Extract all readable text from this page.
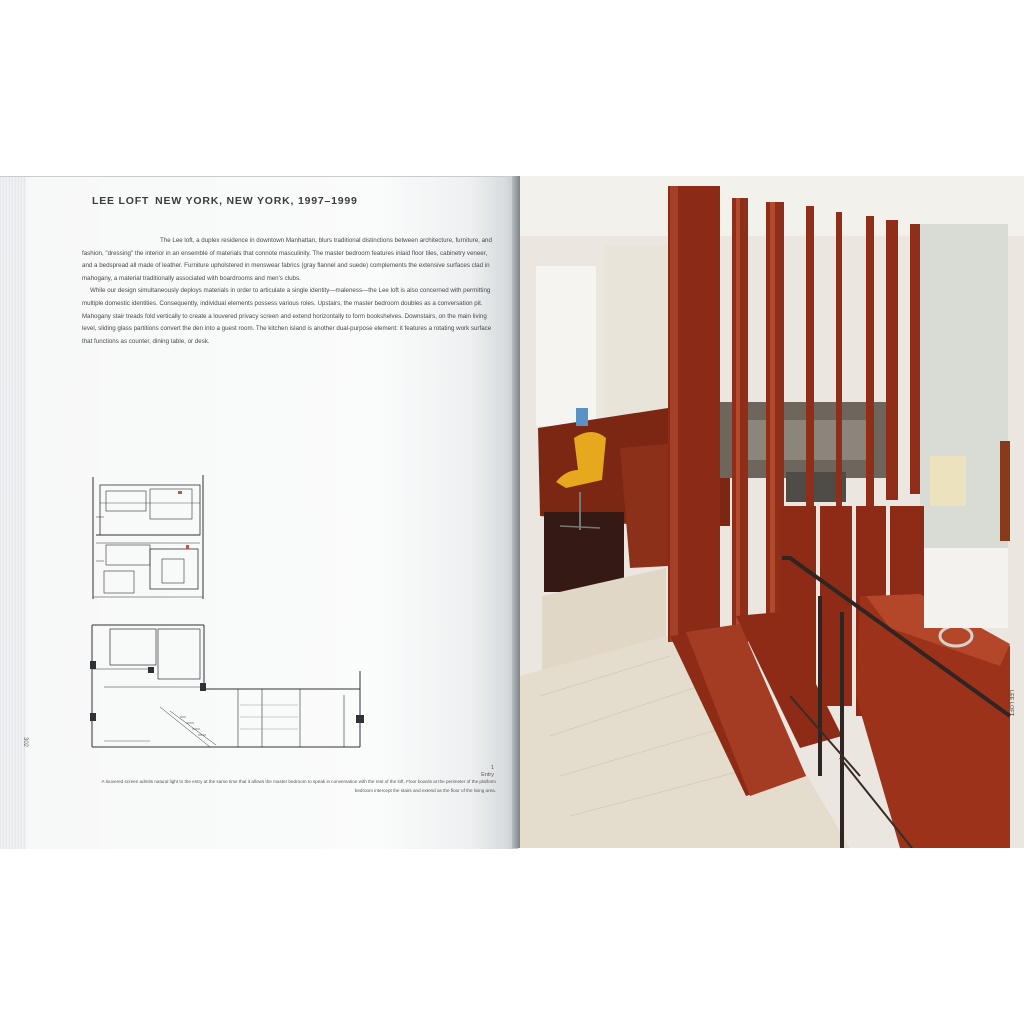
LEE LOFT NEW YORK, NEW YORK, 1997–1999

The Lee loft, a duplex residence in downtown Manhattan, blurs traditional distinctions between architecture, furniture, and fashion, "dressing" the interior in an ensemble of materials that connote masculinity. The master bedroom features inlaid floor tiles, cabinetry veneer, and a bedspread all made of leather. Furniture upholstered in menswear fabrics (gray flannel and suede) complements the extensive surfaces clad in mahogany, a material traditionally associated with boardrooms and men's clubs.

While our design simultaneously deploys materials in order to articulate a single identity—maleness—the Lee loft is also concerned with permitting multiple domestic identities. Consequently, individual elements possess various roles. Upstairs, the master bedroom doubles as a conversation pit. Mahogany stair treads fold vertically to create a louvered privacy screen and extend horizontally to form bookshelves. Downstairs, on the main living level, sliding glass partitions convert the den into a guest room. The kitchen island is another dual-purpose element: it features a rotating work surface that functions as counter, dining table, or desk.

302
1
Entry
A louvered screen admits natural light to the entry at the same time that it allows the master bedroom to speak in conversation with the rest of the loft. Floor boards at the perimeter of the platform bedroom intercept the stairs and extend as the floor of the living area.
LEE LOFT
